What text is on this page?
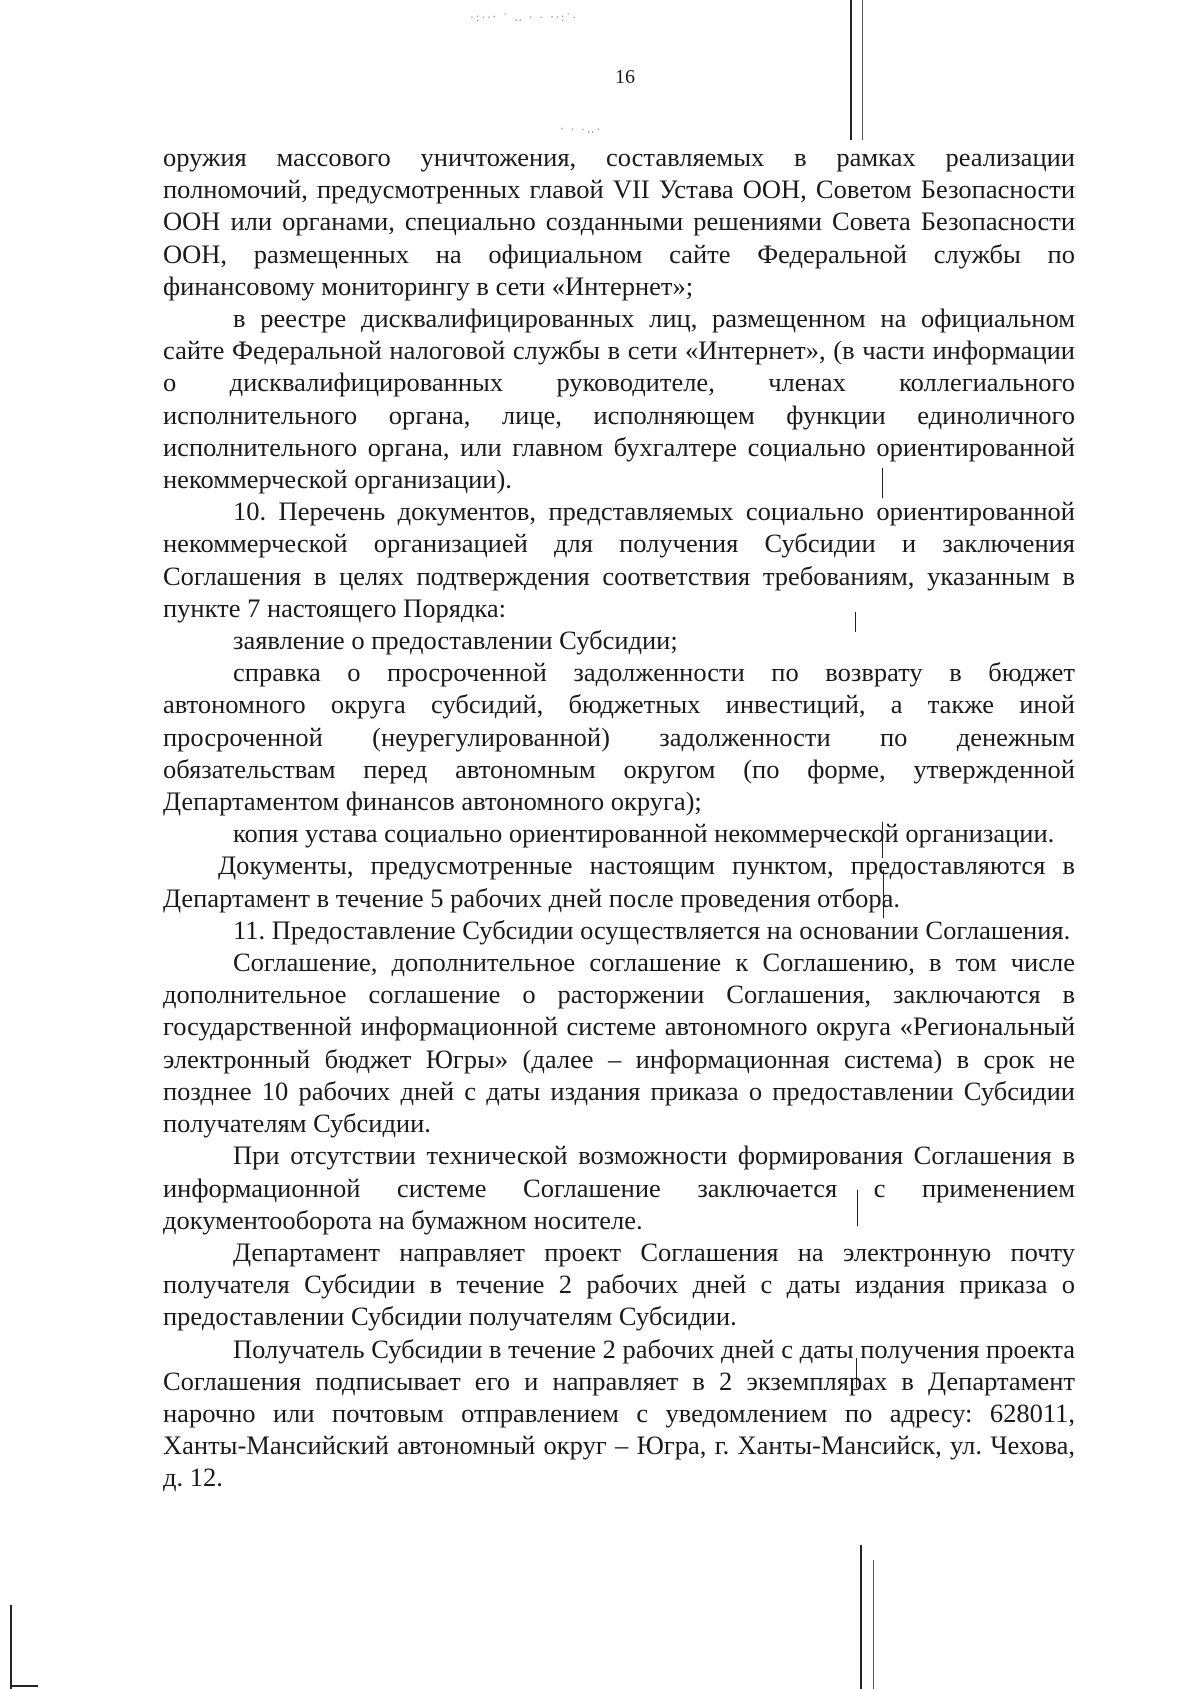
·:·∙‧ ˙ ‥ ∙ · ‧∙:˙·
‧ ∙ ·‥∙
16

оружия массового уничтожения, составляемых в рамках реализации полномочий, предусмотренных главой VII Устава ООН, Советом Безопасности ООН или органами, специально созданными решениями Совета Безопасности ООН, размещенных на официальном сайте Федеральной службы по финансовому мониторингу в сети «Интернет»;

в реестре дисквалифицированных лиц, размещенном на официальном сайте Федеральной налоговой службы в сети «Интернет», (в части информации о дисквалифицированных руководителе, членах коллегиального исполнительного органа, лице, исполняющем функции единоличного исполнительного органа, или главном бухгалтере социально ориентированной некоммерческой организации).

10. Перечень документов, представляемых социально ориентированной некоммерческой организацией для получения Субсидии и заключения Соглашения в целях подтверждения соответствия требованиям, указанным в пункте 7 настоящего Порядка:

заявление о предоставлении Субсидии;

справка о просроченной задолженности по возврату в бюджет автономного округа субсидий, бюджетных инвестиций, а также иной просроченной (неурегулированной) задолженности по денежным обязательствам перед автономным округом (по форме, утвержденной Департаментом финансов автономного округа);

копия устава социально ориентированной некоммерческой организации.

Документы, предусмотренные настоящим пунктом, предоставляются в Департамент в течение 5 рабочих дней после проведения отбора.

11. Предоставление Субсидии осуществляется на основании Соглашения.

Соглашение, дополнительное соглашение к Соглашению, в том числе дополнительное соглашение о расторжении Соглашения, заключаются в государственной информационной системе автономного округа «Региональный электронный бюджет Югры» (далее – информационная система) в срок не позднее 10 рабочих дней с даты издания приказа о предоставлении Субсидии получателям Субсидии.

При отсутствии технической возможности формирования Соглашения в информационной системе Соглашение заключается с применением документооборота на бумажном носителе.

Департамент направляет проект Соглашения на электронную почту получателя Субсидии в течение 2 рабочих дней с даты издания приказа о предоставлении Субсидии получателям Субсидии.

Получатель Субсидии в течение 2 рабочих дней с даты получения проекта Соглашения подписывает его и направляет в 2 экземплярах в Департамент нарочно или почтовым отправлением с уведомлением по адресу: 628011, Ханты-Мансийский автономный округ – Югра, г. Ханты-Мансийск, ул. Чехова, д. 12.
